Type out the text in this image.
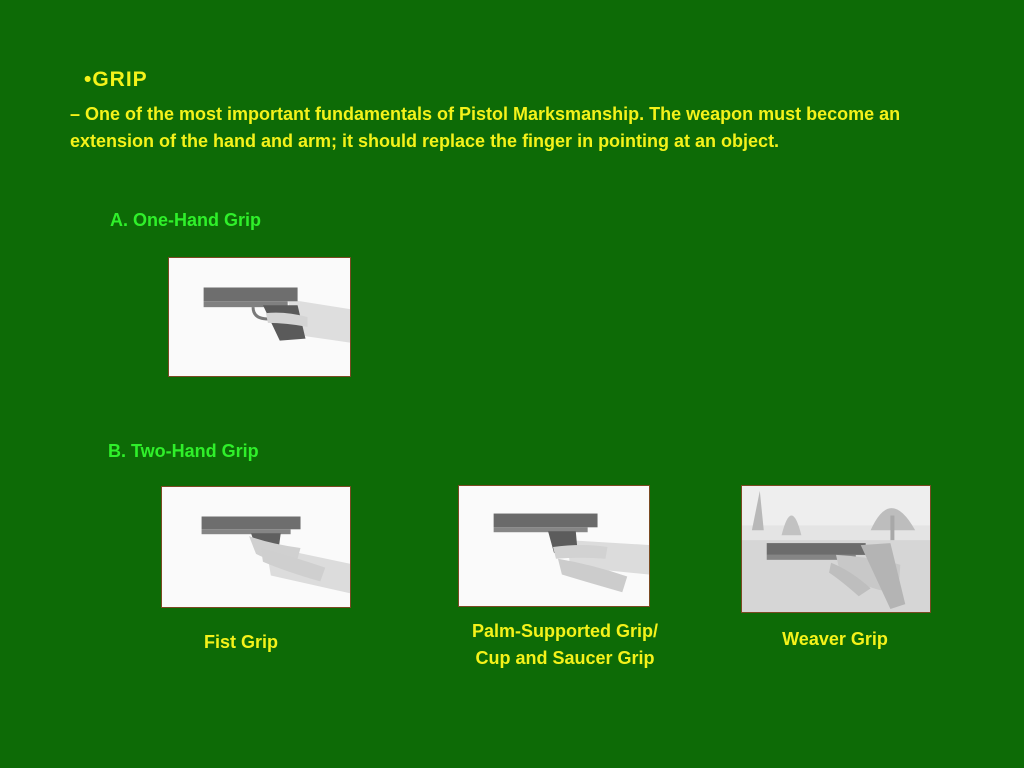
•GRIP
– One of the most important fundamentals of Pistol Marksmanship. The weapon must become an extension of the hand and arm; it should replace the finger in pointing at an object.
A. One-Hand Grip
B. Two-Hand Grip
Fist Grip
Palm-Supported Grip/
Cup and Saucer Grip
Weaver Grip
